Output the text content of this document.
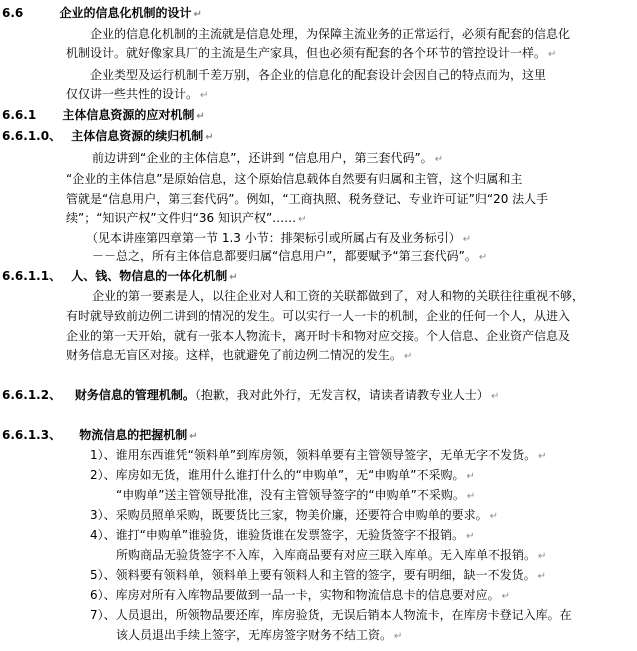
6.6	企业的信息化机制的设计 ↵
企业的信息化机制的主流就是信息处理，为保障主流业务的正常运行，必须有配套的信息化
机制设计。就好像家具厂的主流是生产家具，但也必须有配套的各个环节的管控设计一样。 ↵
企业类型及运行机制千差万别，各企业的信息化的配套设计会因自己的特点而为，这里
仅仅讲一些共性的设计。 ↵
6.6.1 主体信息资源的应对机制 ↵
6.6.1.0、 主体信息资源的续归机制 ↵
前边讲到“企业的主体信息”，还讲到 “信息用户，第三套代码”。 ↵
“企业的主体信息”是原始信息，这个原始信息载体自然要有归属和主管，这个归属和主
管就是“信息用户，第三套代码”。例如，“工商执照、税务登记、专业许可证”归“20 法人手
续”；“知识产权”文件归“36 知识产权”…… ↵
（见本讲座第四章第一节 1.3 小节：排架标引或所属占有及业务标引） ↵
－－总之，所有主体信息都要归属“信息用户”，都要赋予“第三套代码”。 ↵
6.6.1.1、 人、钱、物信息的一体化机制 ↵
企业的第一要素是人，以往企业对人和工资的关联都做到了，对人和物的关联往往重视不够，
有时就导致前边例二讲到的情况的发生。可以实行一人一卡的机制，企业的任何一个人，从进入
企业的第一天开始，就有一张本人物流卡，离开时卡和物对应交接。个人信息、企业资产信息及
财务信息无盲区对接。这样，也就避免了前边例二情况的发生。 ↵
6.6.1.2、 财务信息的管理机制。（抱歉，我对此外行，无发言权，请读者请教专业人士） ↵
6.6.1.3、 物流信息的把握机制 ↵
1）、谁用东西谁凭“领料单”到库房领，领料单要有主管领导签字，无单无字不发货。 ↵
2）、库房如无货，谁用什么谁打什么的“申购单”，无“申购单”不采购。 ↵
“申购单”送主管领导批准，没有主管领导签字的“申购单”不采购。 ↵
3）、采购员照单采购，既要货比三家，物美价廉，还要符合申购单的要求。 ↵
4）、谁打“申购单”谁验货，谁验货谁在发票签字，无验货签字不报销。 ↵
所购商品无验货签字不入库，入库商品要有对应三联入库单。无入库单不报销。 ↵
5）、领料要有领料单，领料单上要有领料人和主管的签字，要有明细，缺一不发货。 ↵
6）、库房对所有入库物品要做到一品一卡，实物和物流信息卡的信息要对应。 ↵
7）、人员退出，所领物品要还库，库房验货，无误后销本人物流卡，在库房卡登记入库。在
该人员退出手续上签字，无库房签字财务不结工资。 ↵
